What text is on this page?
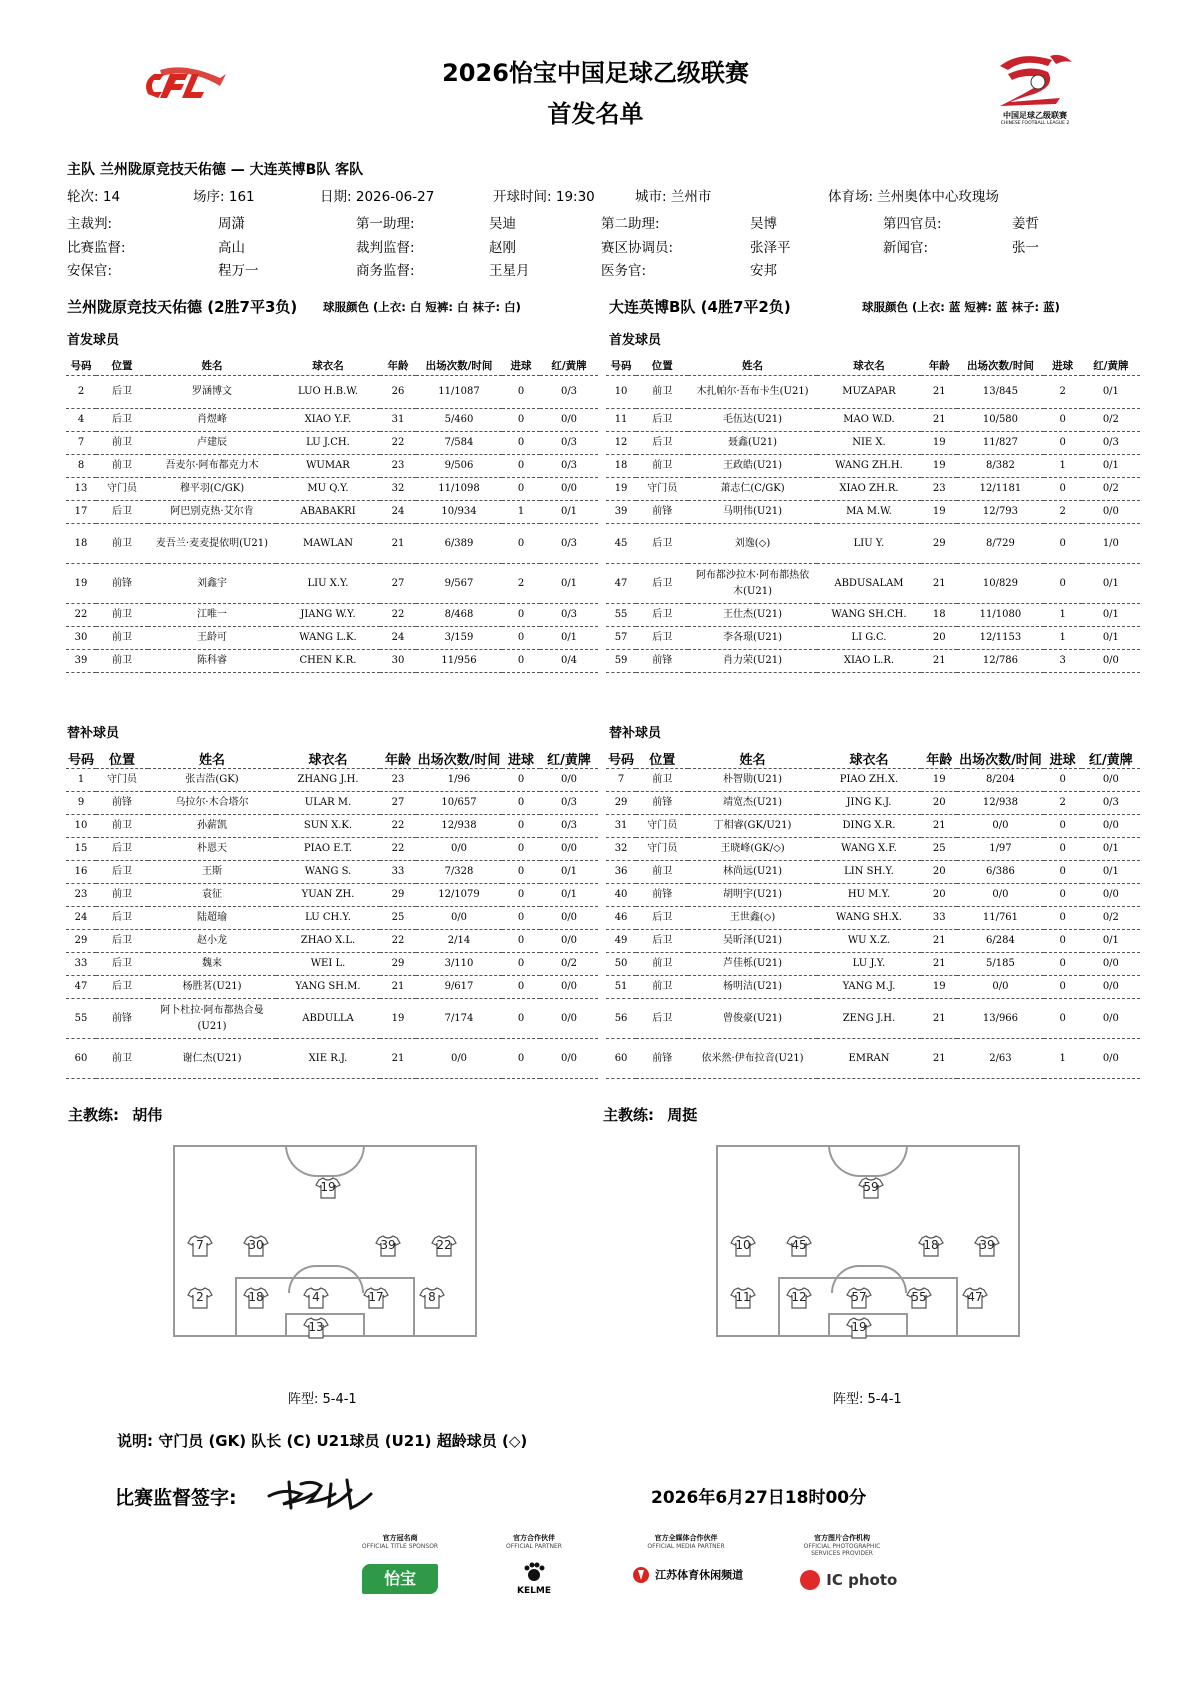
2026怡宝中国足球乙级联赛
首发名单	中国足球乙级联赛
CHINESE FOOTBALL LEAGUE 2
主队 兰州陇原竞技天佑德 — 大连英博B队 客队
轮次: 14	场序: 161	日期: 2026-06-27	开球时间: 19:30	城市: 兰州市	体育场: 兰州奥体中心玫瑰场
主裁判:	周潇	第一助理:	吴迪	第二助理:	吴博	第四官员:	姜哲
比赛监督:	高山	裁判监督:	赵刚	赛区协调员:	张泽平	新闻官:	张一
安保官:	程万一	商务监督:	王星月	医务官:	安邦
兰州陇原竞技天佑德 (2胜7平3负) 球服颜色 (上衣: 白 短裤: 白 袜子: 白)	大连英博B队 (4胜7平2负)	球服颜色 (上衣: 蓝 短裤: 蓝 袜子: 蓝)
首发球员	首发球员
号码	位置	姓名	球衣名	年龄	出场次数/时间	进球	红/黄牌
2	后卫	罗涵博文	LUO H.B.W.	26	11/1087	0	0/3
4	后卫	肖煜峰	XIAO Y.F.	31	5/460	0	0/0
7	前卫	卢建辰	LU J.CH.	22	7/584	0	0/3
8	前卫	吾麦尔·阿布都克力木	WUMAR	23	9/506	0	0/3
13	守门员	穆平羽(C/GK)	MU Q.Y.	32	11/1098	0	0/0
17	后卫	阿巴别克热·艾尔肯	ABABAKRI	24	10/934	1	0/1
18	前卫	麦吾兰·麦麦提依明(U21)	MAWLAN	21	6/389	0	0/3
19	前锋	刘鑫宇	LIU X.Y.	27	9/567	2	0/1
22	前卫	江唯一	JIANG W.Y.	22	8/468	0	0/3
30	前卫	王龄可	WANG L.K.	24	3/159	0	0/1
39	前卫	陈科睿	CHEN K.R.	30	11/956	0	0/4
号码	位置	姓名	球衣名	年龄	出场次数/时间	进球	红/黄牌
10	前卫	木扎帕尔·吾布卡生(U21)	MUZAPAR	21	13/845	2	0/1
11	后卫	毛伍达(U21)	MAO W.D.	21	10/580	0	0/2
12	后卫	聂鑫(U21)	NIE X.	19	11/827	0	0/3
18	前卫	王政皓(U21)	WANG ZH.H.	19	8/382	1	0/1
19	守门员	萧志仁(C/GK)	XIAO ZH.R.	23	12/1181	0	0/2
39	前锋	马明伟(U21)	MA M.W.	19	12/793	2	0/0
45	后卫	刘逸(◇)	LIU Y.	29	8/729	0	1/0
47	后卫	阿布都沙拉木·阿布都热依木(U21)	ABDUSALAM	21	10/829	0	0/1
55	后卫	王仕杰(U21)	WANG SH.CH.	18	11/1080	1	0/1
57	后卫	李各璟(U21)	LI G.C.	20	12/1153	1	0/1
59	前锋	肖力荣(U21)	XIAO L.R.	21	12/786	3	0/0
替补球员	替补球员
号码	位置	姓名	球衣名	年龄	出场次数/时间	进球	红/黄牌
1	守门员	张吉浩(GK)	ZHANG J.H.	23	1/96	0	0/0
9	前锋	乌拉尔·木合塔尔	ULAR M.	27	10/657	0	0/3
10	前卫	孙薪凯	SUN X.K.	22	12/938	0	0/3
15	后卫	朴恩天	PIAO E.T.	22	0/0	0	0/0
16	后卫	王斯	WANG S.	33	7/328	0	0/1
23	前卫	袁征	YUAN ZH.	29	12/1079	0	0/1
24	后卫	陆超瑜	LU CH.Y.	25	0/0	0	0/0
29	后卫	赵小龙	ZHAO X.L.	22	2/14	0	0/0
33	后卫	魏来	WEI L.	29	3/110	0	0/2
47	后卫	杨胜茗(U21)	YANG SH.M.	21	9/617	0	0/0
55	前锋	阿卜杜拉·阿布都热合曼(U21)	ABDULLA	19	7/174	0	0/0
60	前卫	谢仁杰(U21)	XIE R.J.	21	0/0	0	0/0
号码	位置	姓名	球衣名	年龄	出场次数/时间	进球	红/黄牌
7	前卫	朴智勋(U21)	PIAO ZH.X.	19	8/204	0	0/0
29	前锋	靖宽杰(U21)	JING K.J.	20	12/938	2	0/3
31	守门员	丁相睿(GK/U21)	DING X.R.	21	0/0	0	0/0
32	守门员	王晓峰(GK/◇)	WANG X.F.	25	1/97	0	0/1
36	前卫	林尚远(U21)	LIN SH.Y.	20	6/386	0	0/1
40	前锋	胡明宇(U21)	HU M.Y.	20	0/0	0	0/0
46	后卫	王世鑫(◇)	WANG SH.X.	33	11/761	0	0/2
49	后卫	吴昕泽(U21)	WU X.Z.	21	6/284	0	0/1
50	前卫	芦佳栎(U21)	LU J.Y.	21	5/185	0	0/0
51	前卫	杨明洁(U21)	YANG M.J.	19	0/0	0	0/0
56	后卫	曾俊豪(U21)	ZENG J.H.	21	13/966	0	0/0
60	前锋	依米然·伊布拉音(U21)	EMRAN	21	2/63	1	0/0
主教练: 胡伟	主教练: 周挺
19
7	30	39	22
2	18	4	17	8
13
59
10	45	18	39
11	12	57	55	47
19
阵型: 5-4-1	阵型: 5-4-1
说明: 守门员 (GK) 队长 (C) U21球员 (U21) 超龄球员 (◇)
比赛监督签字:	2026年6月27日18时00分
官方冠名商
OFFICIAL TITLE SPONSOR
怡宝
官方合作伙伴
OFFICIAL PARTNER
KELME
官方全媒体合作伙伴
OFFICIAL MEDIA PARTNER
江苏体育休闲频道
官方图片合作机构
OFFICIAL PHOTOGRAPHIC SERVICES PROVIDER
IC photo
